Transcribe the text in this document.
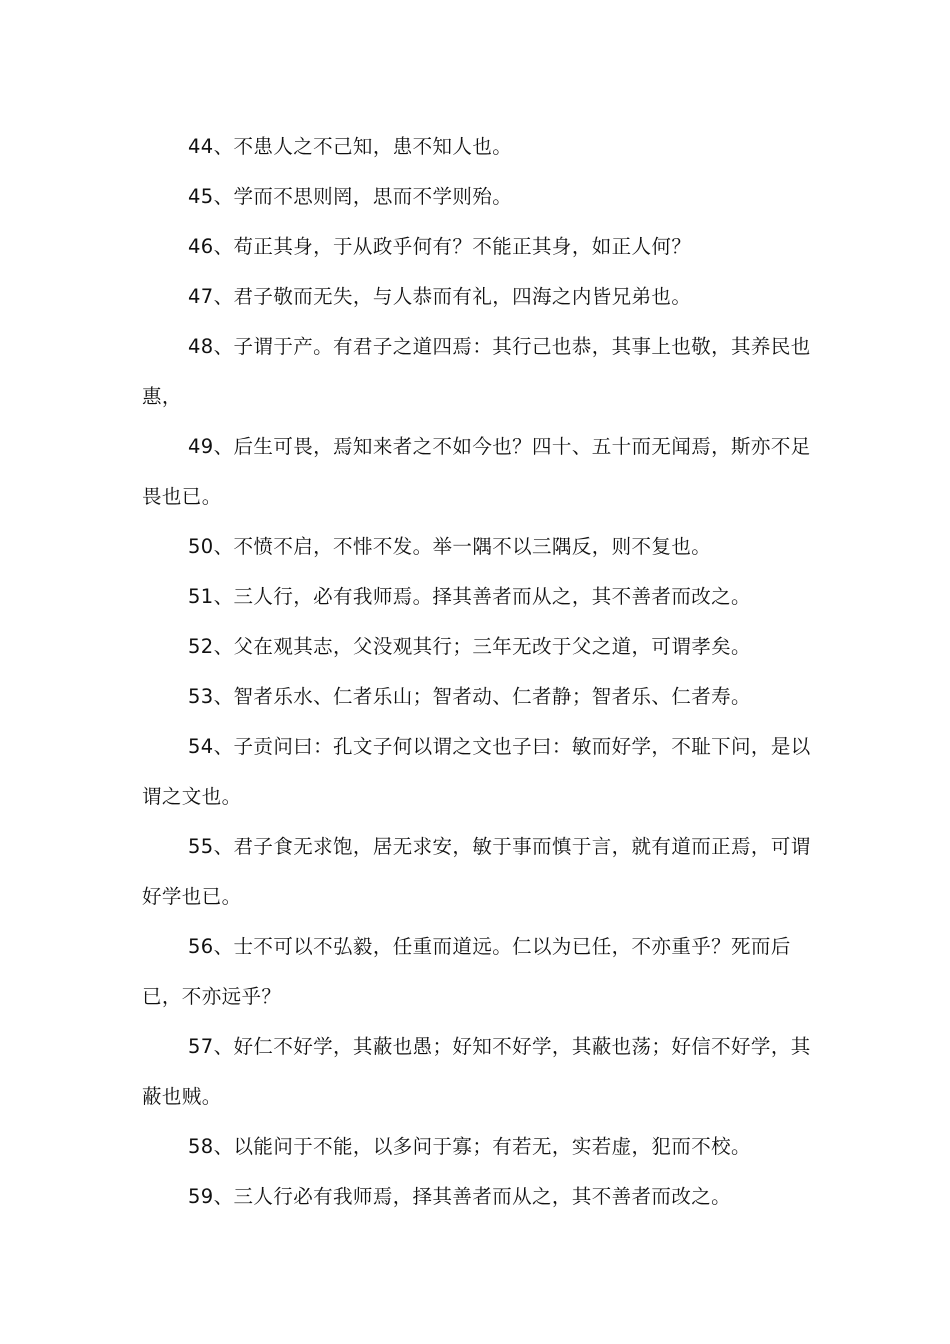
44、不患人之不己知，患不知人也。

45、学而不思则罔，思而不学则殆。

46、苟正其身，于从政乎何有？不能正其身，如正人何？

47、君子敬而无失，与人恭而有礼，四海之内皆兄弟也。

48、子谓于产。有君子之道四焉：其行己也恭，其事上也敬，其养民也惠，

49、后生可畏，焉知来者之不如今也？四十、五十而无闻焉，斯亦不足畏也已。

50、不愤不启，不悱不发。举一隅不以三隅反，则不复也。

51、三人行，必有我师焉。择其善者而从之，其不善者而改之。

52、父在观其志，父没观其行；三年无改于父之道，可谓孝矣。

53、智者乐水、仁者乐山；智者动、仁者静；智者乐、仁者寿。

54、子贡问曰：孔文子何以谓之文也子曰：敏而好学，不耻下问，是以谓之文也。

55、君子食无求饱，居无求安，敏于事而慎于言，就有道而正焉，可谓好学也已。

56、士不可以不弘毅，任重而道远。仁以为已任，不亦重乎？死而后已，不亦远乎？

57、好仁不好学，其蔽也愚；好知不好学，其蔽也荡；好信不好学，其蔽也贼。

58、以能问于不能，以多问于寡；有若无，实若虚，犯而不校。

59、三人行必有我师焉，择其善者而从之，其不善者而改之。
